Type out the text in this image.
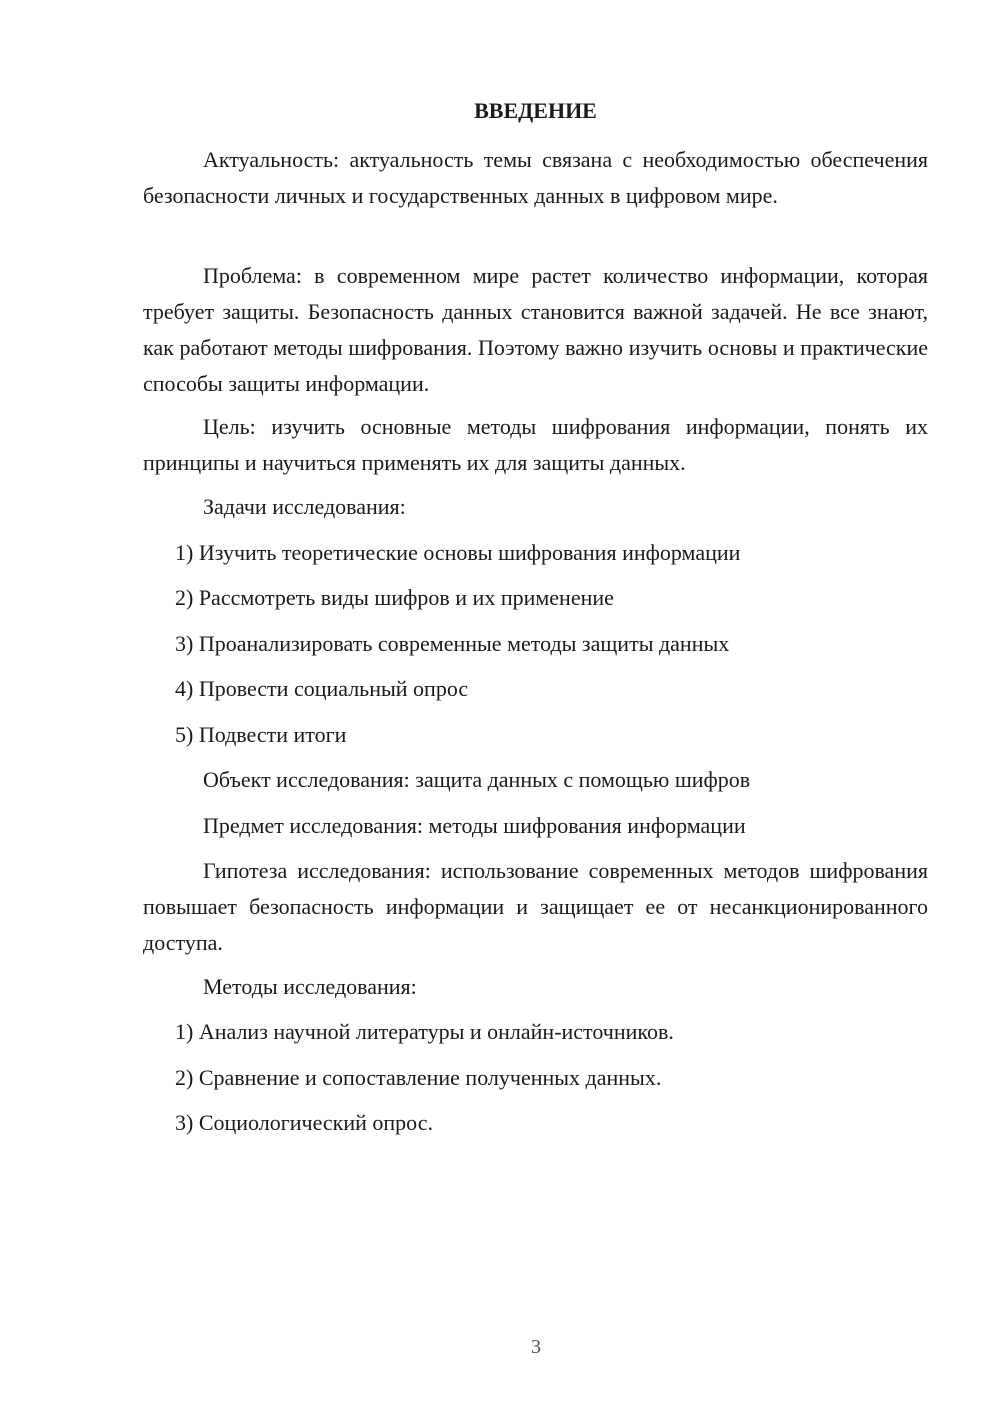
ВВЕДЕНИЕ

Актуальность: актуальность темы связана с необходимостью обеспечения безопасности личных и государственных данных в цифровом мире.

Проблема: в современном мире растет количество информации, которая требует защиты. Безопасность данных становится важной задачей. Не все знают, как работают методы шифрования. Поэтому важно изучить основы и практические способы защиты информации.

Цель: изучить основные методы шифрования информации, понять их принципы и научиться применять их для защиты данных.

Задачи исследования:

1) Изучить теоретические основы шифрования информации

2) Рассмотреть виды шифров и их применение

3) Проанализировать современные методы защиты данных

4) Провести социальный опрос

5) Подвести итоги

Объект исследования: защита данных с помощью шифров

Предмет исследования: методы шифрования информации

Гипотеза исследования: использование современных методов шифрования повышает безопасность информации и защищает ее от несанкционированного доступа.

Методы исследования:

1) Анализ научной литературы и онлайн-источников.

2) Сравнение и сопоставление полученных данных.

3) Социологический опрос.

3
